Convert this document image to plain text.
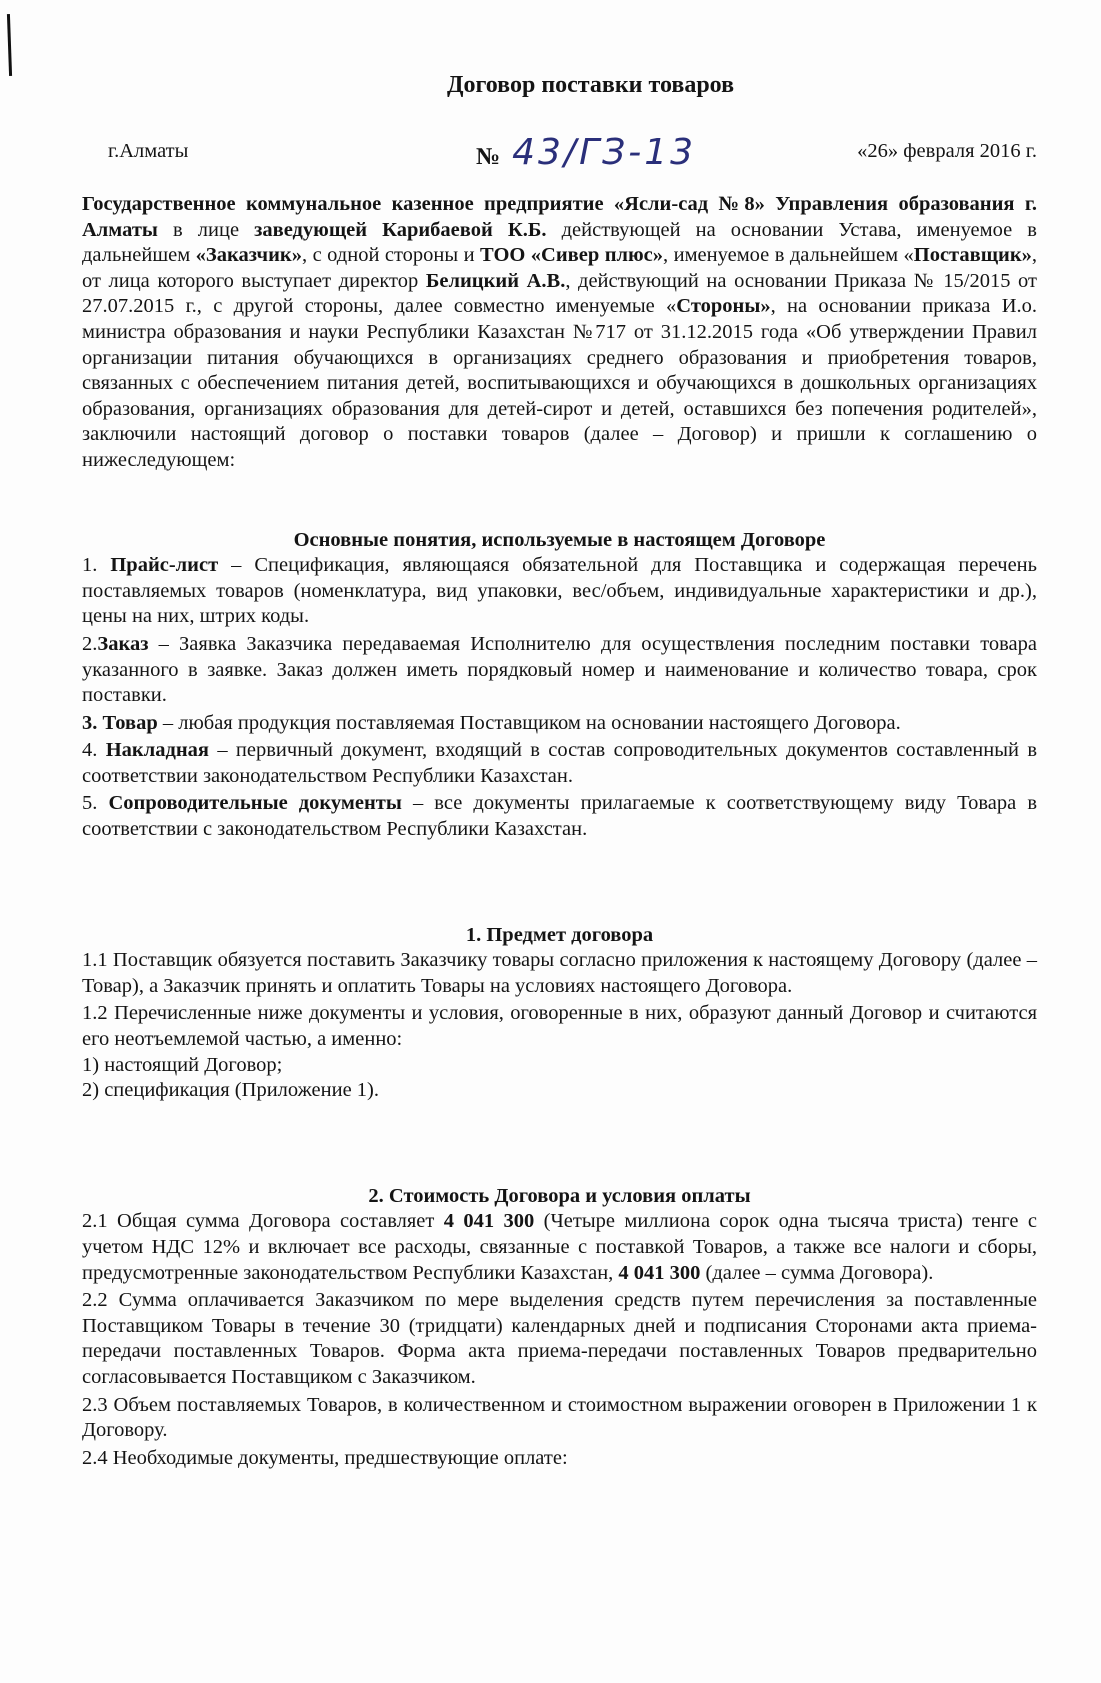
Договор поставки товаров
г.Алматы	№ 43/ГЗ-13	«26» февраля 2016 г.

Государственное коммунальное казенное предприятие «Ясли-сад №8» Управления образования г. Алматы в лице заведующей Карибаевой К.Б. действующей на основании Устава, именуемое в дальнейшем «Заказчик», с одной стороны и ТОО «Сивер плюс», именуемое в дальнейшем «Поставщик», от лица которого выступает директор Белицкий А.В., действующий на основании Приказа № 15/2015 от 27.07.2015 г., с другой стороны, далее совместно именуемые «Стороны», на основании приказа И.о. министра образования и науки Республики Казахстан №717 от 31.12.2015 года «Об утверждении Правил организации питания обучающихся в организациях среднего образования и приобретения товаров, связанных с обеспечением питания детей, воспитывающихся и обучающихся в дошкольных организациях образования, организациях образования для детей-сирот и детей, оставшихся без попечения родителей», заключили настоящий договор о поставки товаров (далее – Договор) и пришли к соглашению о нижеследующем:

Основные понятия, используемые в настоящем Договоре

1. Прайс-лист – Спецификация, являющаяся обязательной для Поставщика и содержащая перечень поставляемых товаров (номенклатура, вид упаковки, вес/объем, индивидуальные характеристики и др.), цены на них, штрих коды.

2.Заказ – Заявка Заказчика передаваемая Исполнителю для осуществления последним поставки товара указанного в заявке. Заказ должен иметь порядковый номер и наименование и количество товара, срок поставки.

3. Товар – любая продукция поставляемая Поставщиком на основании настоящего Договора.

4. Накладная – первичный документ, входящий в состав сопроводительных документов составленный в соответствии законодательством Республики Казахстан.

5. Сопроводительные документы – все документы прилагаемые к соответствующему виду Товара в соответствии с законодательством Республики Казахстан.

1. Предмет договора

1.1 Поставщик обязуется поставить Заказчику товары согласно приложения к настоящему Договору (далее – Товар), а Заказчик принять и оплатить Товары на условиях настоящего Договора.

1.2 Перечисленные ниже документы и условия, оговоренные в них, образуют данный Договор и считаются его неотъемлемой частью, а именно:

1) настоящий Договор;

2) спецификация (Приложение 1).

2. Стоимость Договора и условия оплаты

2.1 Общая сумма Договора составляет 4 041 300 (Четыре миллиона сорок одна тысяча триста) тенге с учетом НДС 12% и включает все расходы, связанные с поставкой Товаров, а также все налоги и сборы, предусмотренные законодательством Республики Казахстан, 4 041 300 (далее – сумма Договора).

2.2 Сумма оплачивается Заказчиком по мере выделения средств путем перечисления за поставленные Поставщиком Товары в течение 30 (тридцати) календарных дней и подписания Сторонами акта приема-передачи поставленных Товаров. Форма акта приема-передачи поставленных Товаров предварительно согласовывается Поставщиком с Заказчиком.

2.3 Объем поставляемых Товаров, в количественном и стоимостном выражении оговорен в Приложении 1 к Договору.

2.4 Необходимые документы, предшествующие оплате:
